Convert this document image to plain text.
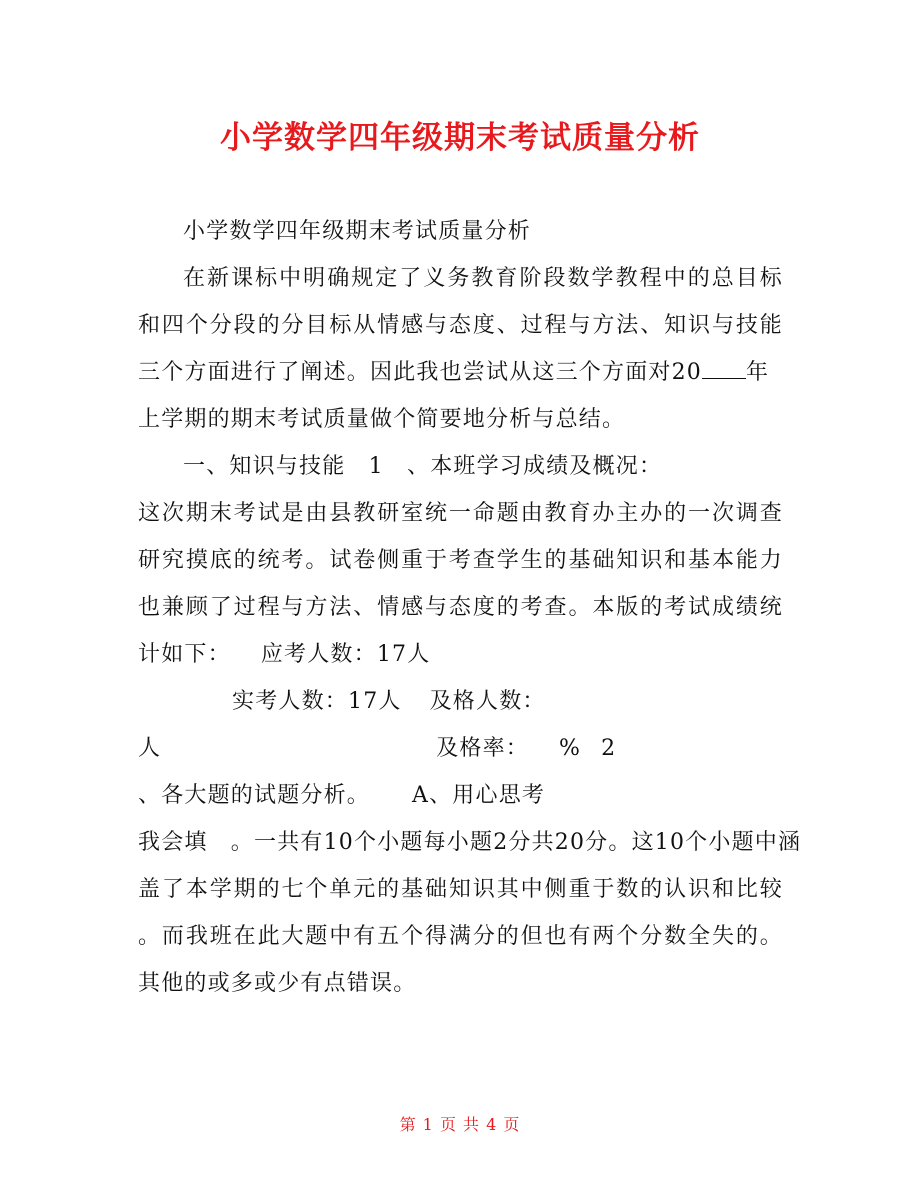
小学数学四年级期末考试质量分析
小学数学四年级期末考试质量分析
在新课标中明确规定了义务教育阶段数学教程中的总目标
和四个分段的分目标从情感与态度、过程与方法、知识与技能
三个方面进行了阐述。因此我也尝试从这三个方面对20 年
上学期的期末考试质量做个简要地分析与总结。
一、知识与技能　1　、本班学习成绩及概况：
这次期末考试是由县教研室统一命题由教育办主办的一次调查
研究摸底的统考。试卷侧重于考查学生的基础知识和基本能力
也兼顾了过程与方法、情感与态度的考查。本版的考试成绩统
计如下： 应考人数：17人
实考人数：17人 及格人数：
人	及格率： % 2
、各大题的试题分析。 A、用心思考
我会填　。一共有10个小题每小题2分共20分。这10个小题中涵
盖了本学期的七个单元的基础知识其中侧重于数的认识和比较
。而我班在此大题中有五个得满分的但也有两个分数全失的。
其他的或多或少有点错误。
第 1 页 共 4 页
